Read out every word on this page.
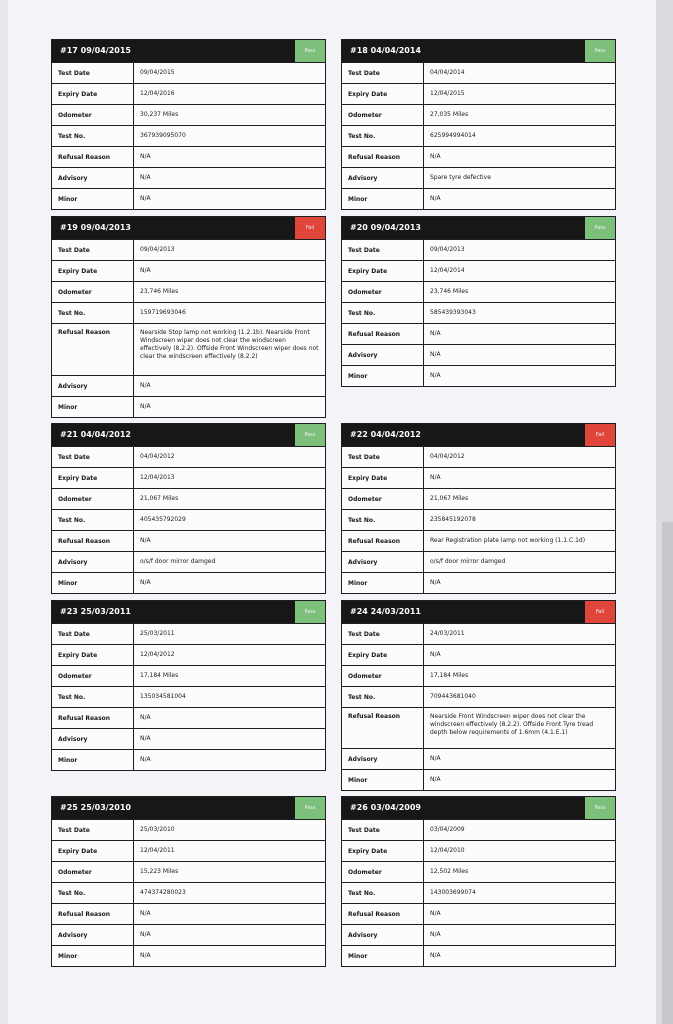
#17 09/04/2015	Pass
Test Date	09/04/2015
Expiry Date	12/04/2016
Odometer	30,237 Miles
Test No.	367939095070
Refusal Reason	N/A
Advisory	N/A
Minor	N/A
#18 04/04/2014	Pass
Test Date	04/04/2014
Expiry Date	12/04/2015
Odometer	27,035 Miles
Test No.	625994994014
Refusal Reason	N/A
Advisory	Spare tyre defective
Minor	N/A
#19 09/04/2013	Fail
Test Date	09/04/2013
Expiry Date	N/A
Odometer	23,746 Miles
Test No.	159719693046
Refusal Reason	Nearside Stop lamp not working (1.2.1b). Nearside Front Windscreen wiper does not clear the windscreen effectively (8.2.2). Offside Front Windscreen wiper does not clear the windscreen effectively (8.2.2)
Advisory	N/A
Minor	N/A
#20 09/04/2013	Pass
Test Date	09/04/2013
Expiry Date	12/04/2014
Odometer	23,746 Miles
Test No.	585439393043
Refusal Reason	N/A
Advisory	N/A
Minor	N/A
#21 04/04/2012	Pass
Test Date	04/04/2012
Expiry Date	12/04/2013
Odometer	21,067 Miles
Test No.	405435792029
Refusal Reason	N/A
Advisory	o/s/f door mirror damged
Minor	N/A
#22 04/04/2012	Fail
Test Date	04/04/2012
Expiry Date	N/A
Odometer	21,067 Miles
Test No.	235845192078
Refusal Reason	Rear Registration plate lamp not working (1.1.C.1d)
Advisory	o/s/f door mirror damged
Minor	N/A
#23 25/03/2011	Pass
Test Date	25/03/2011
Expiry Date	12/04/2012
Odometer	17,184 Miles
Test No.	135034581004
Refusal Reason	N/A
Advisory	N/A
Minor	N/A
#24 24/03/2011	Fail
Test Date	24/03/2011
Expiry Date	N/A
Odometer	17,184 Miles
Test No.	709443681040
Refusal Reason	Nearside Front Windscreen wiper does not clear the windscreen effectively (8.2.2). Offside Front Tyre tread depth below requirements of 1.6mm (4.1.E.1)
Advisory	N/A
Minor	N/A
#25 25/03/2010	Pass
Test Date	25/03/2010
Expiry Date	12/04/2011
Odometer	15,223 Miles
Test No.	474374280023
Refusal Reason	N/A
Advisory	N/A
Minor	N/A
#26 03/04/2009	Pass
Test Date	03/04/2009
Expiry Date	12/04/2010
Odometer	12,502 Miles
Test No.	143003699074
Refusal Reason	N/A
Advisory	N/A
Minor	N/A
